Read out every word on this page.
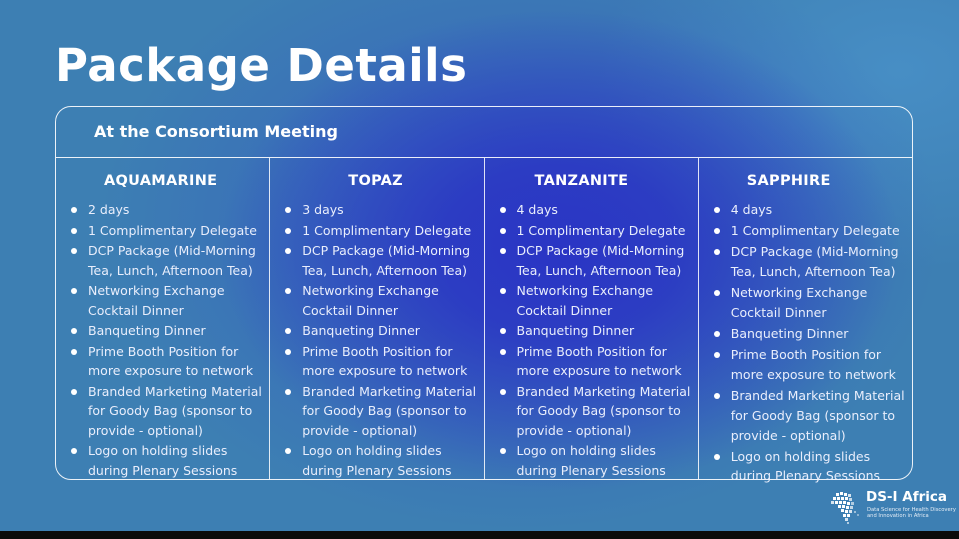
Package Details
At the Consortium Meeting
AQUAMARINE
2 days
1 Complimentary Delegate
DCP Package (Mid-Morning Tea, Lunch, Afternoon Tea)
Networking Exchange Cocktail Dinner
Banqueting Dinner
Prime Booth Position for more exposure to network
Branded Marketing Material for Goody Bag (sponsor to provide - optional)
Logo on holding slides during Plenary Sessions
TOPAZ
3 days
1 Complimentary Delegate
DCP Package (Mid-Morning Tea, Lunch, Afternoon Tea)
Networking Exchange Cocktail Dinner
Banqueting Dinner
Prime Booth Position for more exposure to network
Branded Marketing Material for Goody Bag (sponsor to provide - optional)
Logo on holding slides during Plenary Sessions
TANZANITE
4 days
1 Complimentary Delegate
DCP Package (Mid-Morning Tea, Lunch, Afternoon Tea)
Networking Exchange Cocktail Dinner
Banqueting Dinner
Prime Booth Position for more exposure to network
Branded Marketing Material for Goody Bag (sponsor to provide - optional)
Logo on holding slides during Plenary Sessions
SAPPHIRE
4 days
1 Complimentary Delegate
DCP Package (Mid-Morning Tea, Lunch, Afternoon Tea)
Networking Exchange Cocktail Dinner
Banqueting Dinner
Prime Booth Position for more exposure to network
Branded Marketing Material for Goody Bag (sponsor to provide - optional)
Logo on holding slides during Plenary Sessions
DS-I Africa
Data Science for Health Discovery and Innovation in Africa
